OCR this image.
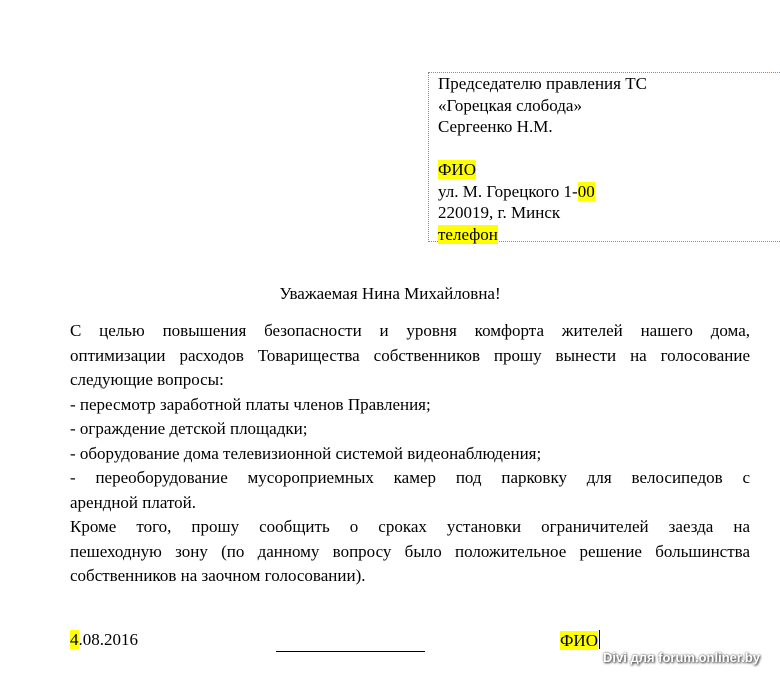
Председателю правления ТС
«Горецкая слобода»
Сергеенко Н.М.
ФИО
ул. М. Горецкого 1-00
220019, г. Минск
телефон
Уважаемая Нина Михайловна!

С целью повышения безопасности и уровня комфорта жителей нашего дома,

оптимизации расходов Товарищества собственников прошу вынести на голосование

следующие вопросы:

- пересмотр заработной платы членов Правления;

- ограждение детской площадки;

- оборудование дома телевизионной системой видеонаблюдения;

- переоборудование мусороприемных камер под парковку для велосипедов с

арендной платой.

Кроме того, прошу сообщить о сроках установки ограничителей заезда на

пешеходную зону (по данному вопросу было положительное решение большинства

собственников на заочном голосовании).

4.08.2016	ФИО
Divi для forum.onliner.by
